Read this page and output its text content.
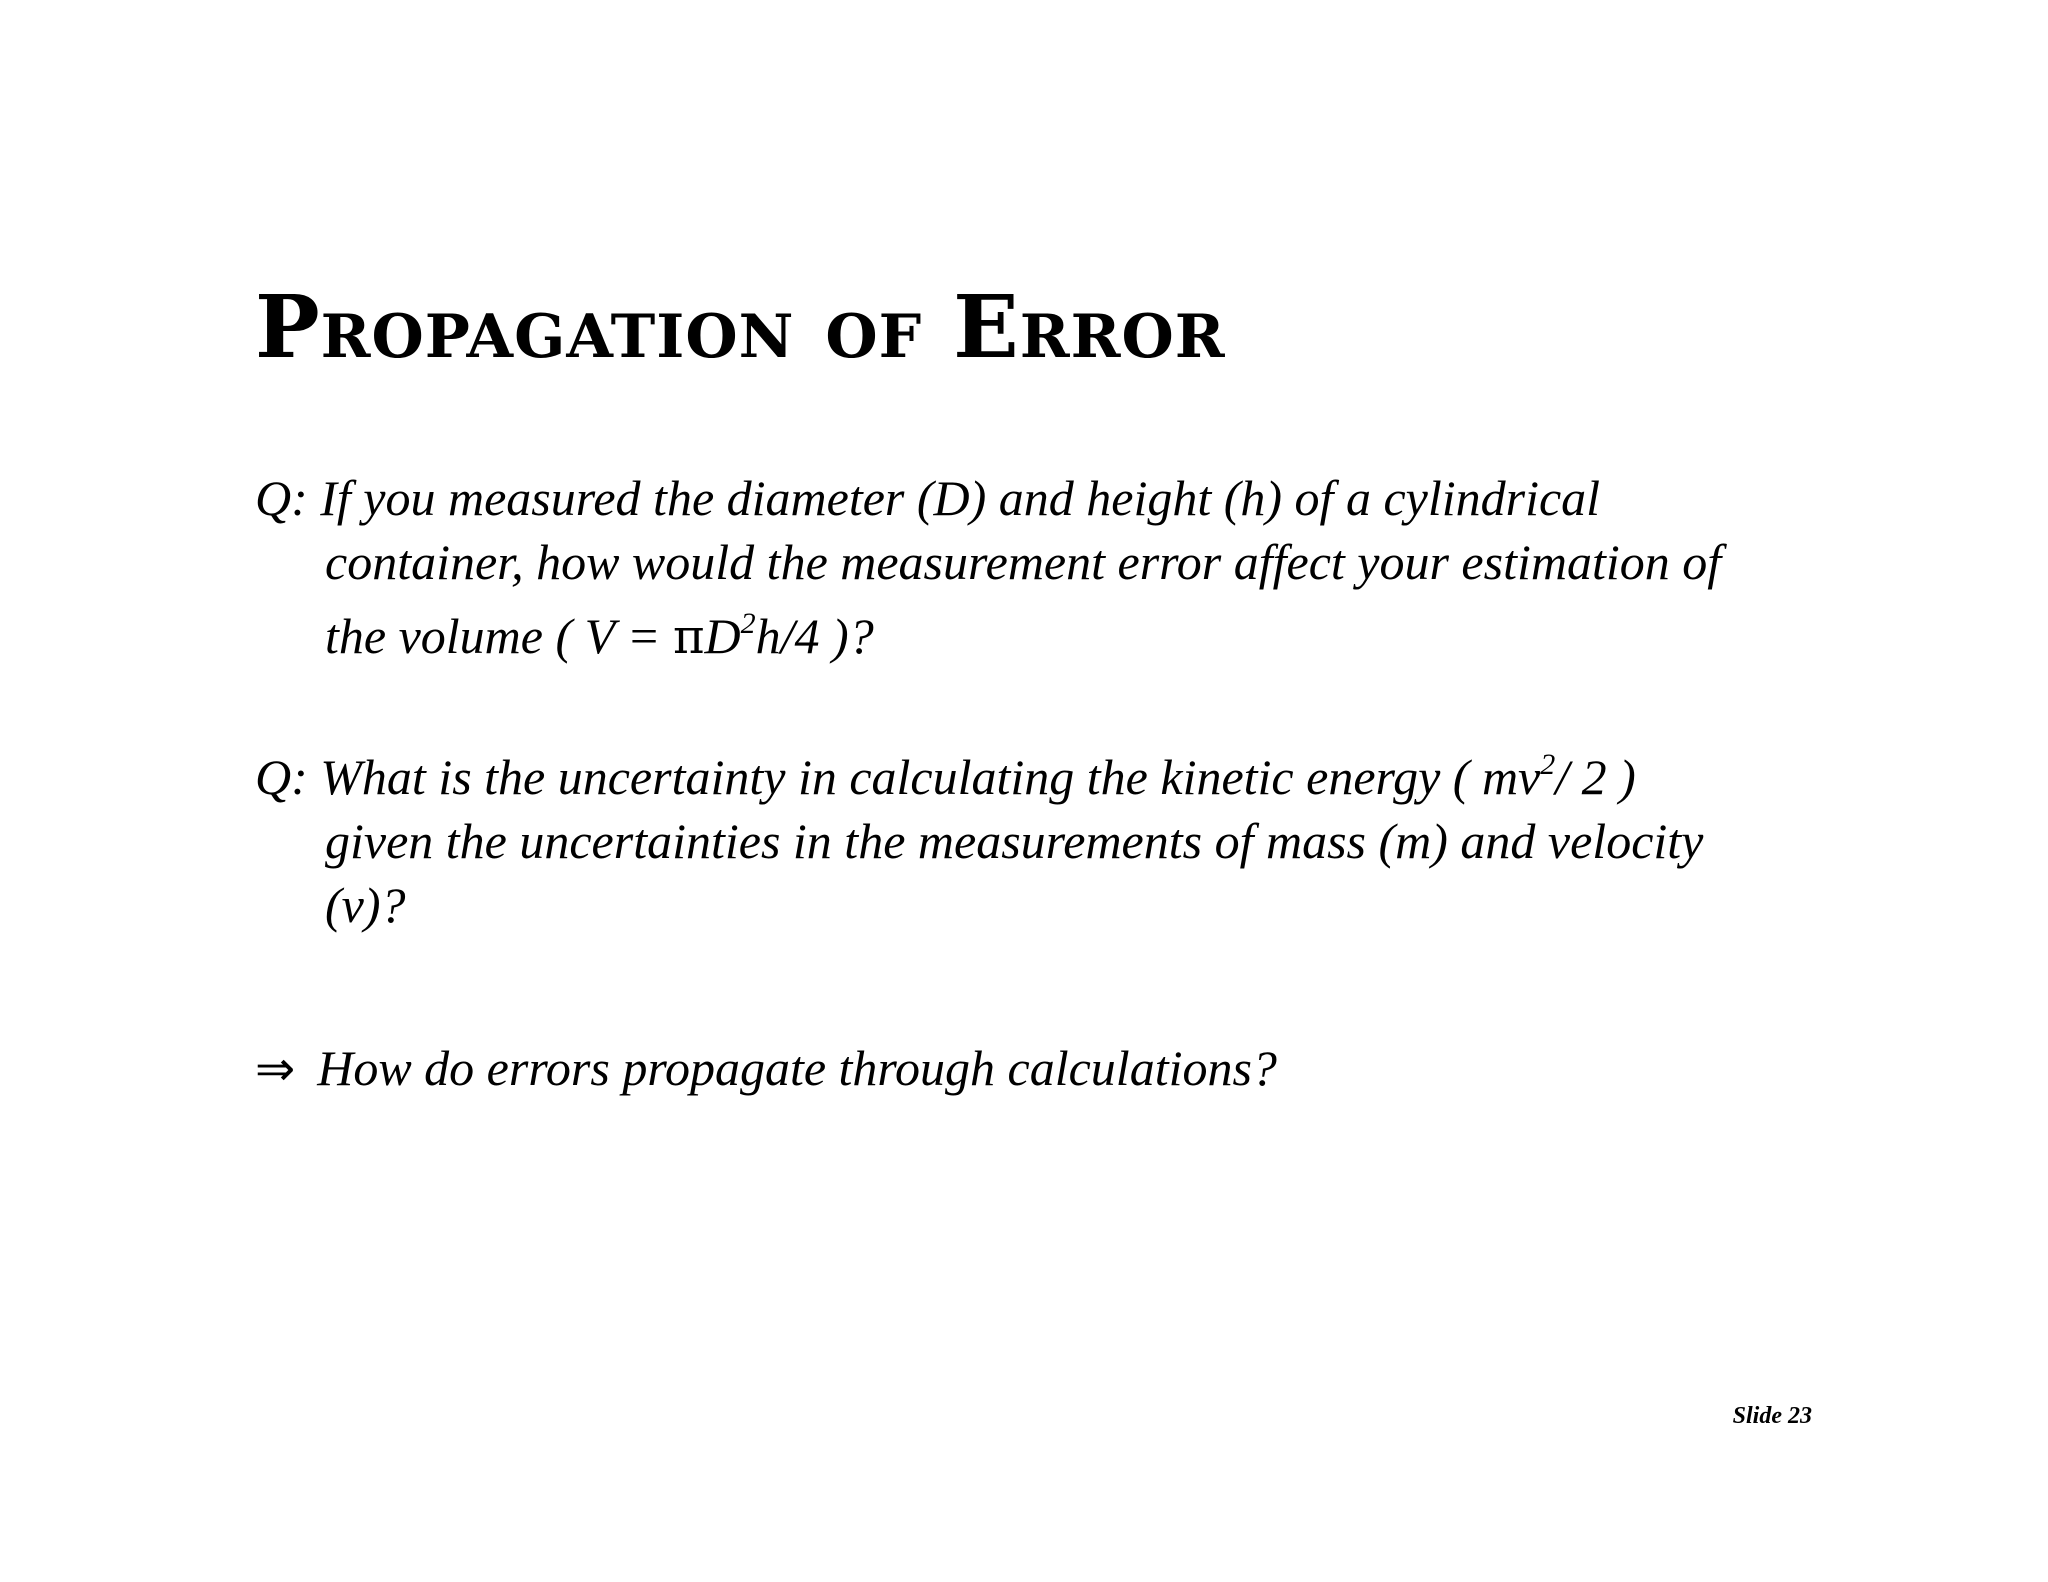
Propagation of Error
Q: If you measured the diameter (D) and height (h) of a cylindrical
container, how would the measurement error affect your estimation of
the volume ( $V = \pi D^2h/4$ )?
Q: What is the uncertainty in calculating the kinetic energy ( $mv^2/$ 2 )
given the uncertainties in the measurements of mass (m) and velocity
(v)?
⇒ How do errors propagate through calculations?
Slide 23
